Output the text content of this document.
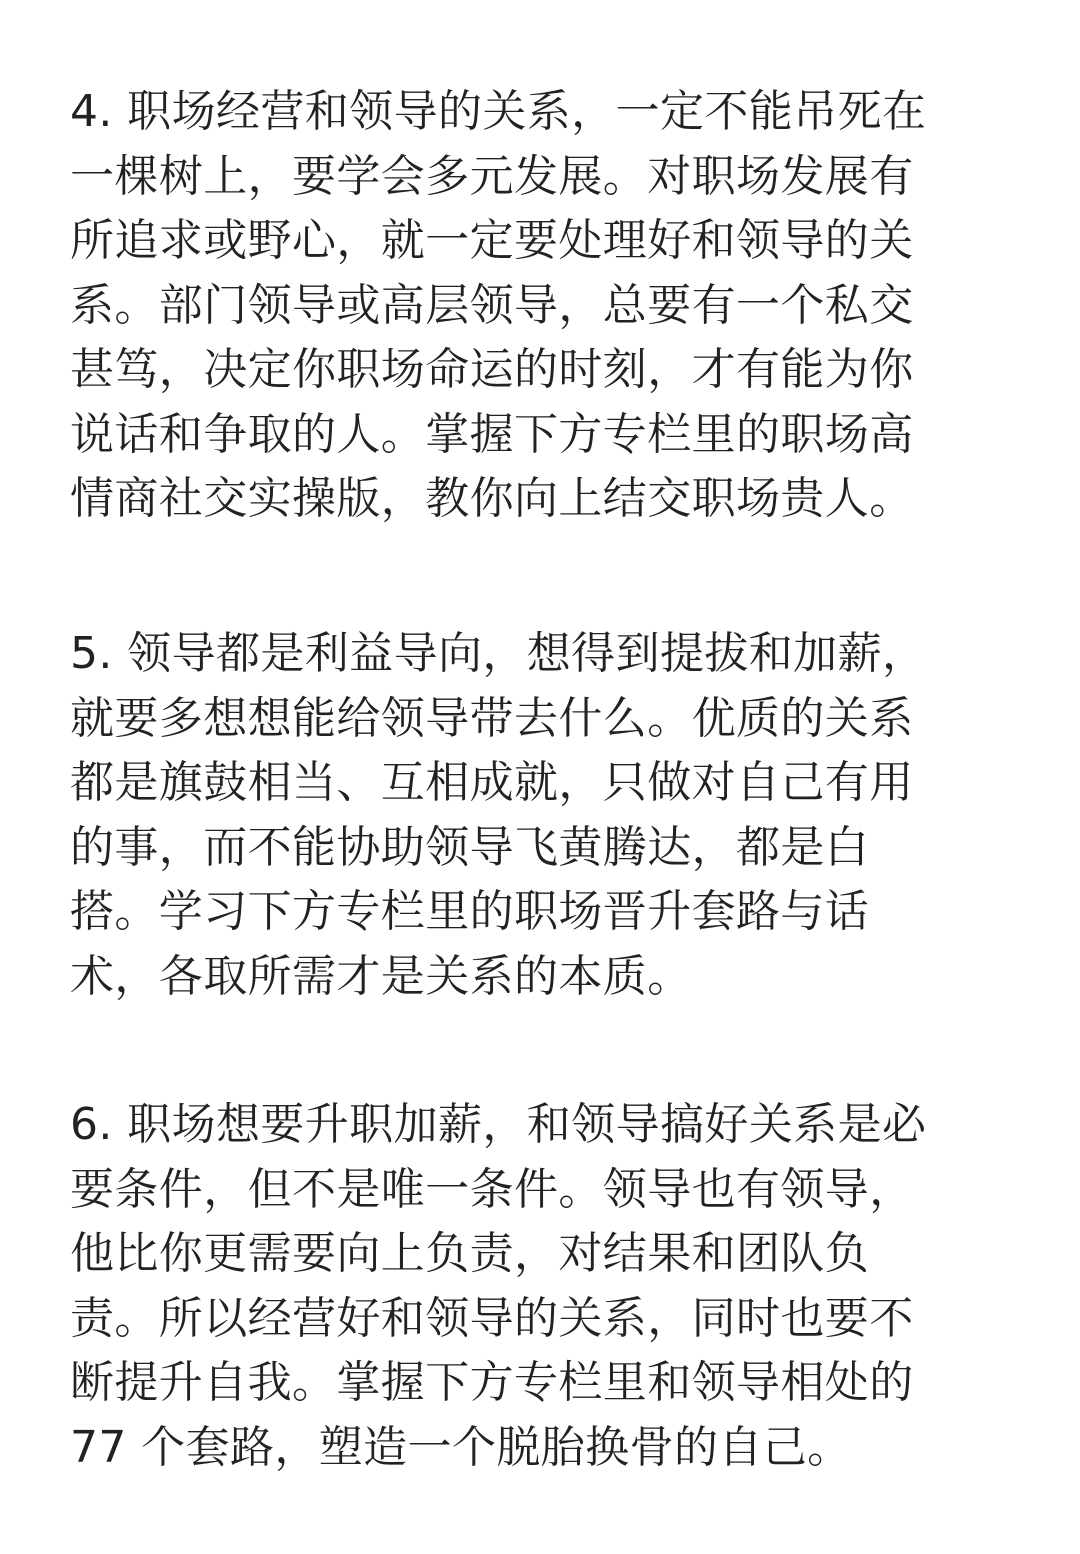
4. 职场经营和领导的关系，一定不能吊死在
一棵树上，要学会多元发展。对职场发展有
所追求或野心，就一定要处理好和领导的关
系。部门领导或高层领导，总要有一个私交
甚笃，决定你职场命运的时刻，才有能为你
说话和争取的人。掌握下方专栏里的职场高
情商社交实操版，教你向上结交职场贵人。

5. 领导都是利益导向，想得到提拔和加薪，
就要多想想能给领导带去什么。优质的关系
都是旗鼓相当、互相成就，只做对自己有用
的事，而不能协助领导飞黄腾达，都是白
搭。学习下方专栏里的职场晋升套路与话
术，各取所需才是关系的本质。

6. 职场想要升职加薪，和领导搞好关系是必
要条件，但不是唯一条件。领导也有领导，
他比你更需要向上负责，对结果和团队负
责。所以经营好和领导的关系，同时也要不
断提升自我。掌握下方专栏里和领导相处的
77 个套路，塑造一个脱胎换骨的自己。
